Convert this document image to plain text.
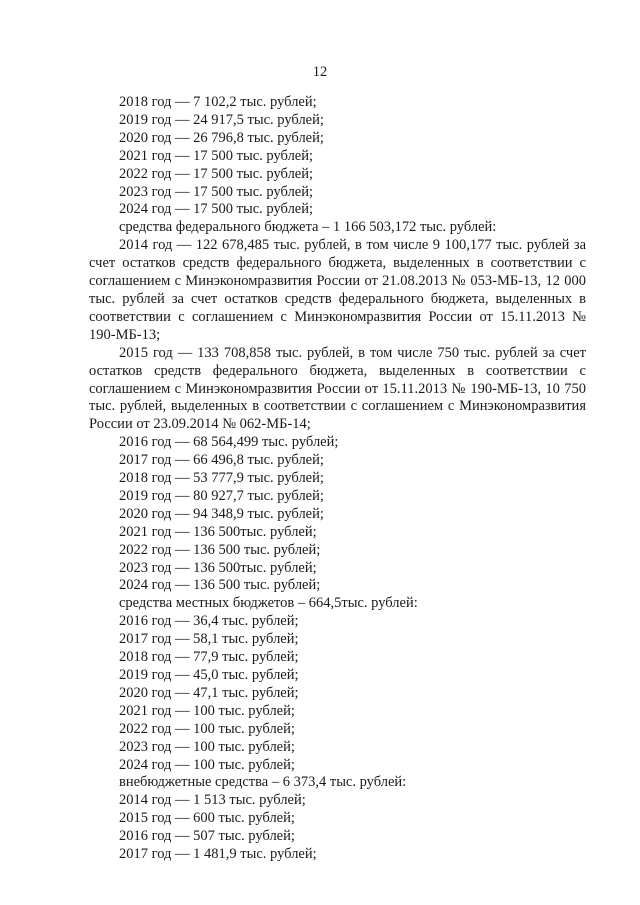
12
2018 год — 7 102,2 тыс. рублей;
2019 год — 24 917,5 тыс. рублей;
2020 год — 26 796,8 тыс. рублей;
2021 год — 17 500 тыс. рублей;
2022 год — 17 500 тыс. рублей;
2023 год — 17 500 тыс. рублей;
2024 год — 17 500 тыс. рублей;
средства федерального бюджета – 1 166 503,172 тыс. рублей:

2014 год — 122 678,485 тыс. рублей, в том числе 9 100,177 тыс. рублей за счет остатков средств федерального бюджета, выделенных в соответствии с соглашением с Минэкономразвития России от 21.08.2013 № 053-МБ-13, 12 000 тыс. рублей за счет остатков средств федерального бюджета, выделенных в соответствии с соглашением с Минэкономразвития России от 15.11.2013 № 190-МБ-13;

2015 год — 133 708,858 тыс. рублей, в том числе 750 тыс. рублей за счет остатков средств федерального бюджета, выделенных в соответствии с соглашением с Минэкономразвития России от 15.11.2013 № 190-МБ-13, 10 750 тыс. рублей, выделенных в соответствии с соглашением с Минэкономразвития России от 23.09.2014 № 062-МБ-14;

2016 год — 68 564,499 тыс. рублей;
2017 год — 66 496,8 тыс. рублей;
2018 год — 53 777,9 тыс. рублей;
2019 год — 80 927,7 тыс. рублей;
2020 год — 94 348,9 тыс. рублей;
2021 год — 136 500тыс. рублей;
2022 год — 136 500 тыс. рублей;
2023 год — 136 500тыс. рублей;
2024 год — 136 500 тыс. рублей;
средства местных бюджетов – 664,5тыс. рублей:
2016 год — 36,4 тыс. рублей;
2017 год — 58,1 тыс. рублей;
2018 год — 77,9 тыс. рублей;
2019 год — 45,0 тыс. рублей;
2020 год — 47,1 тыс. рублей;
2021 год — 100 тыс. рублей;
2022 год — 100 тыс. рублей;
2023 год — 100 тыс. рублей;
2024 год — 100 тыс. рублей;
внебюджетные средства – 6 373,4 тыс. рублей:
2014 год — 1 513 тыс. рублей;
2015 год — 600 тыс. рублей;
2016 год — 507 тыс. рублей;
2017 год — 1 481,9 тыс. рублей;
